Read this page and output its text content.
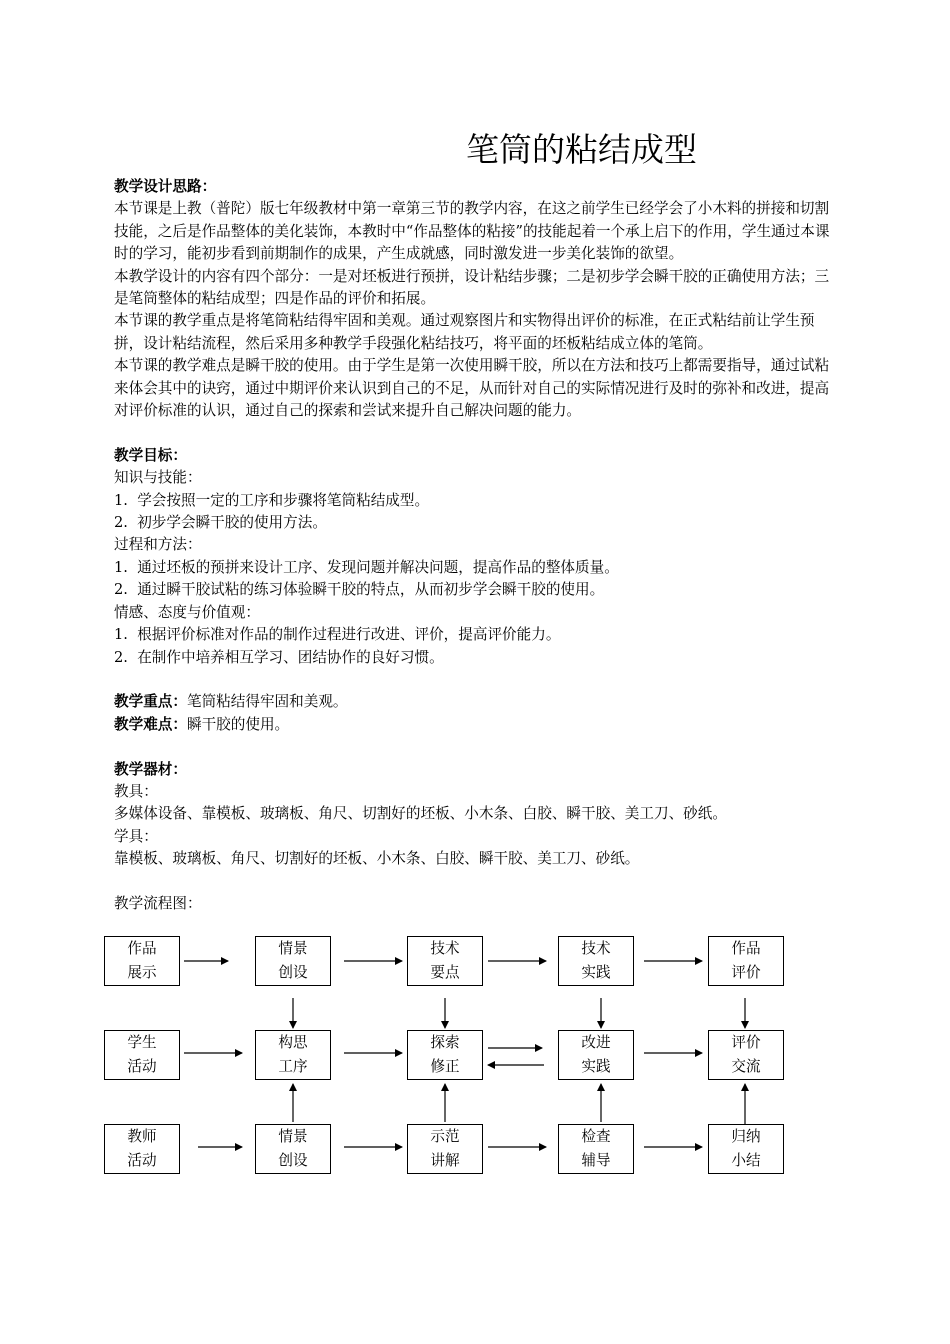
笔筒的粘结成型

教学设计思路：

本节课是上教（普陀）版七年级教材中第一章第三节的教学内容，在这之前学生已经学会了小木料的拼接和切割技能，之后是作品整体的美化装饰，本教时中“作品整体的粘接”的技能起着一个承上启下的作用，学生通过本课时的学习，能初步看到前期制作的成果，产生成就感，同时激发进一步美化装饰的欲望。

本教学设计的内容有四个部分：一是对坯板进行预拼，设计粘结步骤；二是初步学会瞬干胶的正确使用方法；三是笔筒整体的粘结成型；四是作品的评价和拓展。

本节课的教学重点是将笔筒粘结得牢固和美观。通过观察图片和实物得出评价的标准，在正式粘结前让学生预拼，设计粘结流程，然后采用多种教学手段强化粘结技巧，将平面的坯板粘结成立体的笔筒。

本节课的教学难点是瞬干胶的使用。由于学生是第一次使用瞬干胶，所以在方法和技巧上都需要指导，通过试粘来体会其中的诀窍，通过中期评价来认识到自己的不足，从而针对自己的实际情况进行及时的弥补和改进，提高对评价标准的认识，通过自己的探索和尝试来提升自己解决问题的能力。

教学目标：

知识与技能：

1.  学会按照一定的工序和步骤将笔筒粘结成型。

2.  初步学会瞬干胶的使用方法。

过程和方法：

1.  通过坯板的预拼来设计工序、发现问题并解决问题，提高作品的整体质量。

2.  通过瞬干胶试粘的练习体验瞬干胶的特点，从而初步学会瞬干胶的使用。

情感、态度与价值观：

1.  根据评价标准对作品的制作过程进行改进、评价，提高评价能力。

2.  在制作中培养相互学习、团结协作的良好习惯。

教学重点：笔筒粘结得牢固和美观。

教学难点：瞬干胶的使用。

教学器材：

教具：

多媒体设备、靠模板、玻璃板、角尺、切割好的坯板、小木条、白胶、瞬干胶、美工刀、砂纸。

学具：

靠模板、玻璃板、角尺、切割好的坯板、小木条、白胶、瞬干胶、美工刀、砂纸。

教学流程图：

作品
展示
情景
创设
技术
要点
技术
实践
作品
评价
学生
活动
构思
工序
探索
修正
改进
实践
评价
交流
教师
活动
情景
创设
示范
讲解
检查
辅导
归纳
小结
